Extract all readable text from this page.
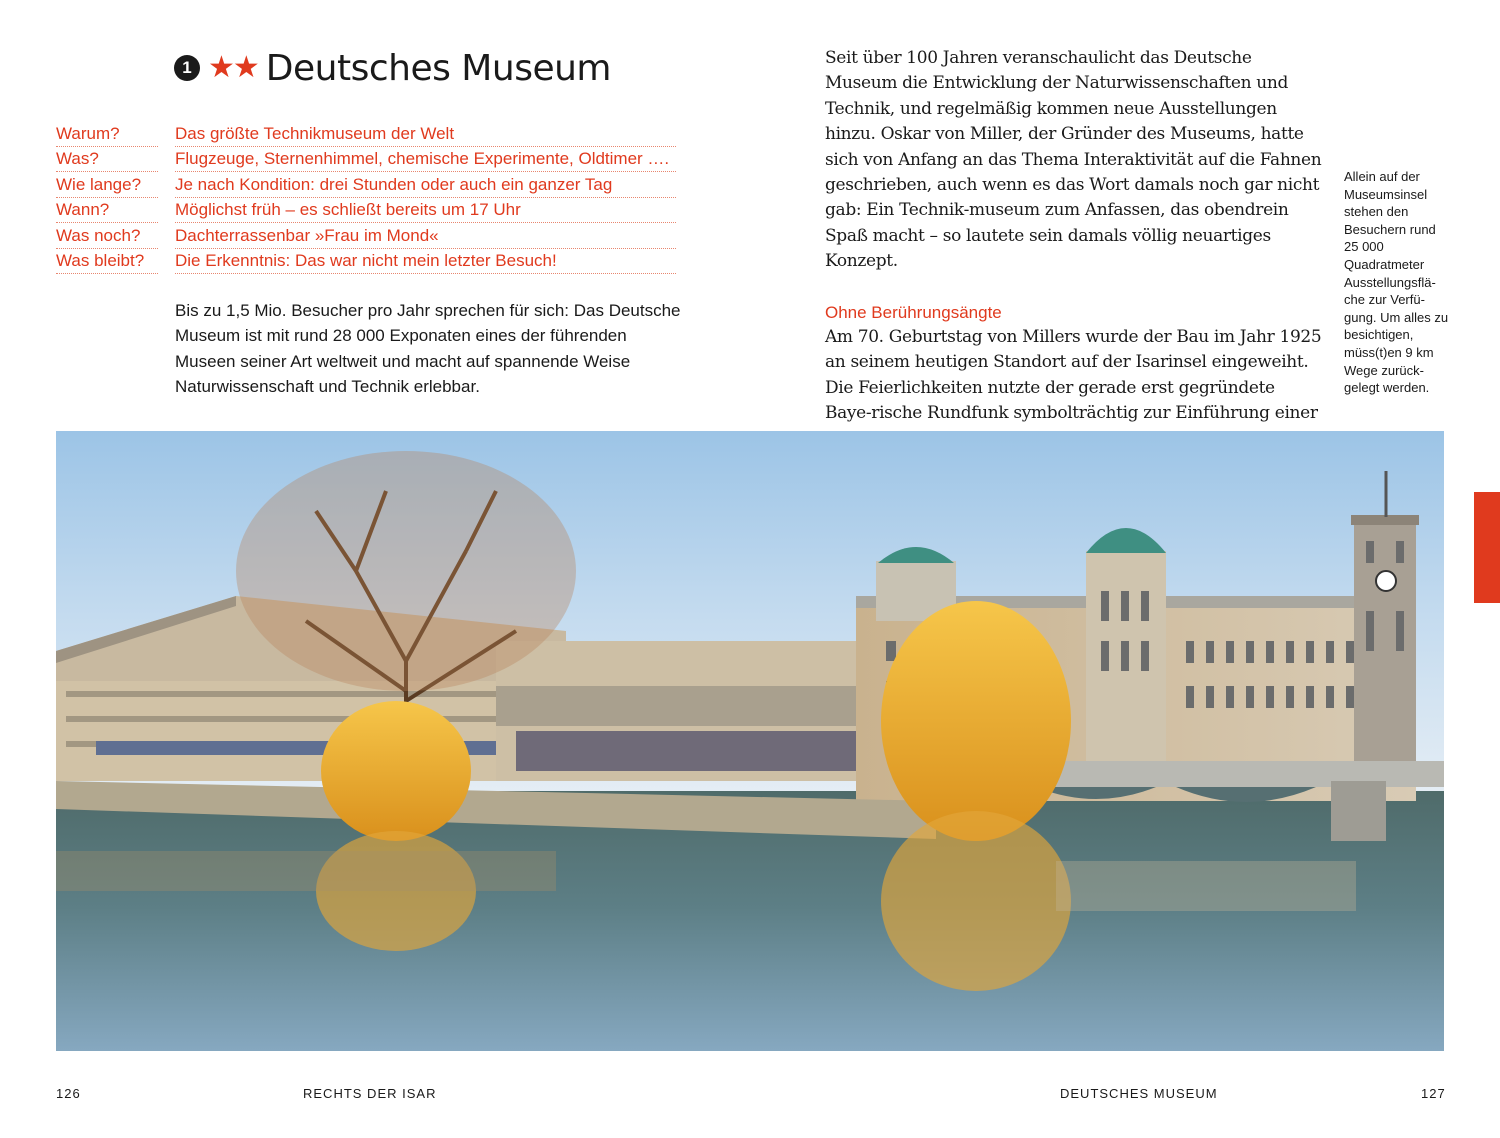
1 ★★ Deutsches Museum
Warum?	Das größte Technikmuseum der Welt
Was?	Flugzeuge, Sternenhimmel, chemische Experimente, Oldtimer ….
Wie lange?	Je nach Kondition: drei Stunden oder auch ein ganzer Tag
Wann?	Möglichst früh – es schließt bereits um 17 Uhr
Was noch?	Dachterrassenbar »Frau im Mond«
Was bleibt?	Die Erkenntnis: Das war nicht mein letzter Besuch!

Bis zu 1,5 Mio. Besucher pro Jahr sprechen für sich: Das Deutsche Museum ist mit rund 28 000 Exponaten eines der führenden Museen seiner Art weltweit und macht auf spannende Weise Naturwissenschaft und Technik erlebbar.

Seit über 100 Jahren veranschaulicht das Deutsche Museum die Entwicklung der Naturwissenschaften und Technik, und regelmäßig kommen neue Ausstellungen hinzu. Oskar von Miller, der Gründer des Museums, hatte sich von Anfang an das Thema Interaktivität auf die Fahnen geschrieben, auch wenn es das Wort damals noch gar nicht gab: Ein Technik-museum zum Anfassen, das obendrein Spaß macht – so lautete sein damals völlig neuartiges Konzept.

Ohne Berührungsängte

Am 70. Geburtstag von Millers wurde der Bau im Jahr 1925 an seinem heutigen Standort auf der Isarinsel eingeweiht. Die Feierlichkeiten nutzte der gerade erst gegründete Baye-rische Rundfunk symbolträchtig zur Einführung einer

Allein auf der Museumsinsel stehen den Besuchern rund 25 000 Quadratmeter Ausstellungsflä-che zur Verfü-gung. Um alles zu besichtigen, müss(t)en 9 km Wege zurück-gelegt werden.

126	RECHTS DER ISAR	DEUTSCHES MUSEUM	127
